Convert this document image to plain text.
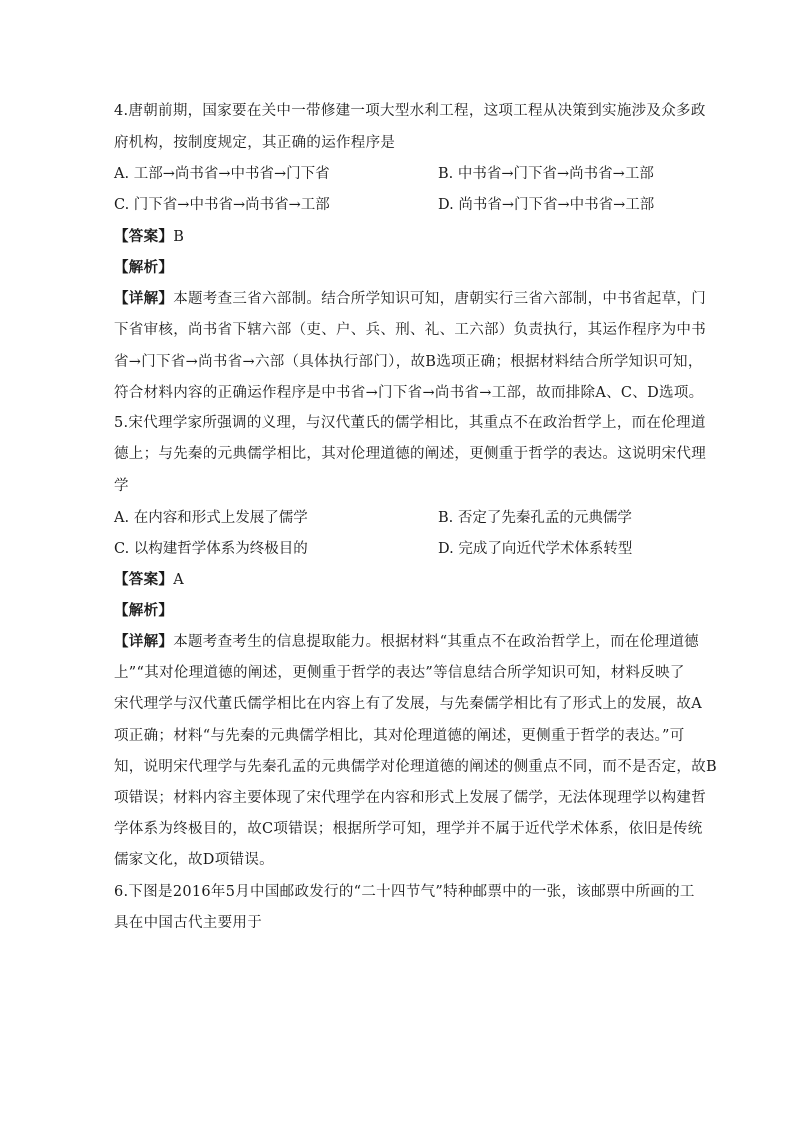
4.唐朝前期，国家要在关中一带修建一项大型水利工程，这项工程从决策到实施涉及众多政
府机构，按制度规定，其正确的运作程序是
A. 工部→尚书省→中书省→门下省	B. 中书省→门下省→尚书省→工部
C. 门下省→中书省→尚书省→工部	D. 尚书省→门下省→中书省→工部
【答案】B
【解析】
【详解】本题考查三省六部制。结合所学知识可知，唐朝实行三省六部制，中书省起草，门
下省审核，尚书省下辖六部（吏、户、兵、刑、礼、工六部）负责执行，其运作程序为中书
省→门下省→尚书省→六部（具体执行部门），故B选项正确；根据材料结合所学知识可知，
符合材料内容的正确运作程序是中书省→门下省→尚书省→工部，故而排除A、C、D选项。
5.宋代理学家所强调的义理，与汉代董氏的儒学相比，其重点不在政治哲学上，而在伦理道
德上；与先秦的元典儒学相比，其对伦理道德的阐述，更侧重于哲学的表达。这说明宋代理
学
A. 在内容和形式上发展了儒学	B. 否定了先秦孔孟的元典儒学
C. 以构建哲学体系为终极目的	D. 完成了向近代学术体系转型
【答案】A
【解析】
【详解】本题考查考生的信息提取能力。根据材料“其重点不在政治哲学上，而在伦理道德
上”“其对伦理道德的阐述，更侧重于哲学的表达”等信息结合所学知识可知，材料反映了
宋代理学与汉代董氏儒学相比在内容上有了发展，与先秦儒学相比有了形式上的发展，故A
项正确；材料“与先秦的元典儒学相比，其对伦理道德的阐述，更侧重于哲学的表达。”可
知，说明宋代理学与先秦孔孟的元典儒学对伦理道德的阐述的侧重点不同，而不是否定，故B
项错误；材料内容主要体现了宋代理学在内容和形式上发展了儒学，无法体现理学以构建哲
学体系为终极目的，故C项错误；根据所学可知，理学并不属于近代学术体系，依旧是传统
儒家文化，故D项错误。
6.下图是2016年5月中国邮政发行的“二十四节气”特种邮票中的一张，该邮票中所画的工
具在中国古代主要用于
